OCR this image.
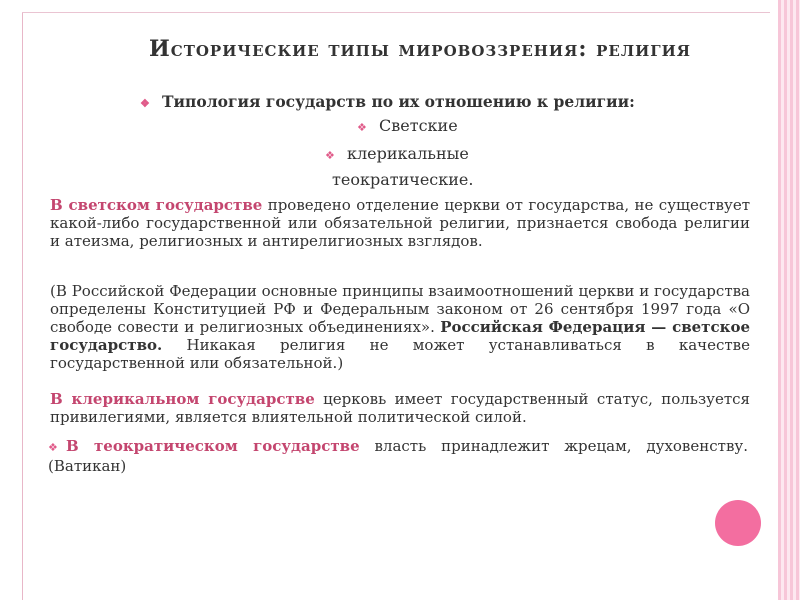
Исторические типы мировоззрения: религия
❖ Типология государств по их отношению к религии:
❖ Светские
❖ клерикальные
теократические.
В светском государстве проведено отделение церкви от государства, не существует какой-либо государственной или обязательной религии, признается свобода религии и атеизма, религиозных и антирелигиозных взглядов.
(В Российской Федерации основные принципы взаимоотношений церкви и государства определены Конституцией РФ и Федеральным законом от 26 сентября 1997 года «О свободе совести и религиозных объединениях». Российская Федерация — светское государство. Никакая религия не может устанавливаться в качестве государственной или обязательной.)
В клерикальном государстве церковь имеет государственный статус, пользуется привилегиями, является влиятельной политической силой.
❖ В теократическом государстве власть принадлежит жрецам, духовенству. (Ватикан)
